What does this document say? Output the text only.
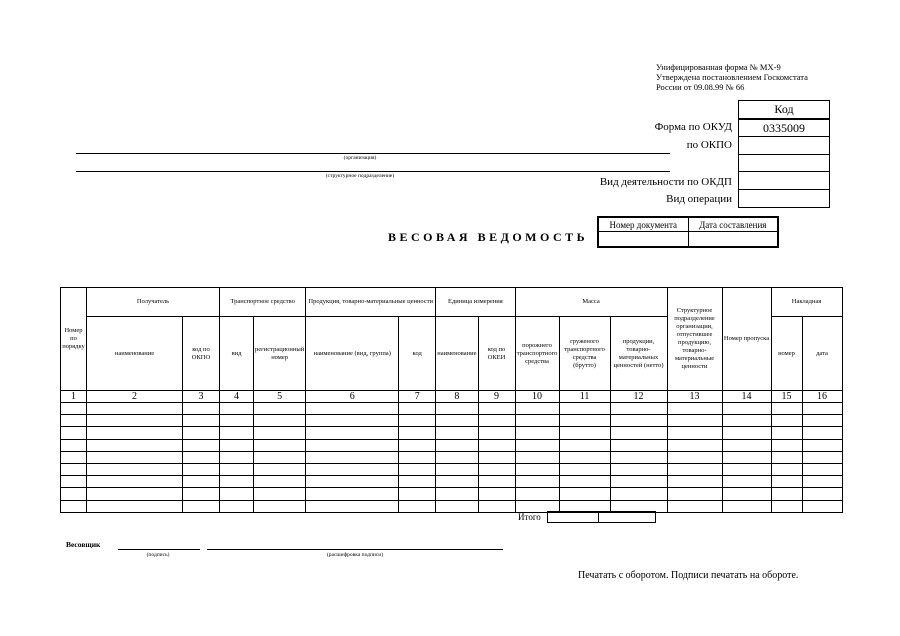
Унифицированная форма № МХ-9
Утверждена постановлением Госкомстата
России от 09.08.99 № 66
Код
0335009
Форма по ОКУД
по ОКПО
Вид деятельности по ОКДП
Вид операции
(организация)
(структурное подразделение)
Номер документа	Дата составления

ВЕСОВАЯ ВЕДОМОСТЬ
Номер по порядку	Получатель		Транспортное средство		Продукция, товарно-материальные ценности		Единица измерения		Масса			Структурное подразделение организации, отпустившее продукцию, товарно-материальные ценности	Номер пропуска	Накладная	
	наименование	код по ОКПО	вид	регистрационный номер	наименование (вид, группа)	код	наименование	код по ОКЕИ	порожнего транспортного средства	груженого транспортного средства (брутто)	продукции, товарно-материальных ценностей (нетто)			номер	дата
1	2	3	4	5	6	7	8	9	10	11	12	13	14	15	16

Итого
Весовщик
(подпись)	(расшифровка подписи)
Печатать с оборотом. Подписи печатать на обороте.
